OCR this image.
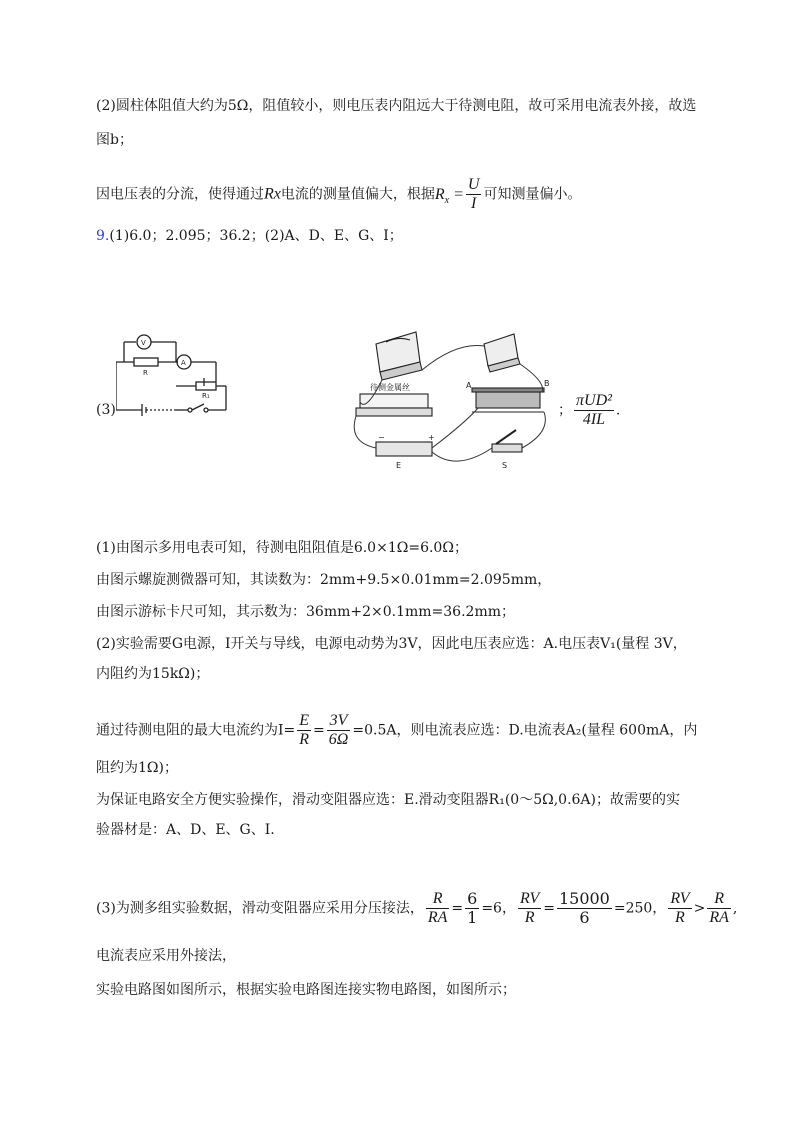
(2)圆柱体阻值大约为5Ω，阻值较小，则电压表内阻远大于待测电阻，故可采用电流表外接，故选
图b；
因电压表的分流，使得通过Rx电流的测量值偏大，根据$R_x = \frac{U}{I}$ 可知测量偏小。
9.(1)6.0；2.095；36.2；(2)A、D、E、G、I；
(3)
V
A
R
R₁
待测金属丝	A	B
E	S
−	+
； $\frac{\text{πUD²}}{4IL}$ .
(1)由图示多用电表可知，待测电阻阻值是6.0×1Ω=6.0Ω；
由图示螺旋测微器可知，其读数为：2mm+9.5×0.01mm=2.095mm，
由图示游标卡尺可知，其示数为：36mm+2×0.1mm=36.2mm；
(2)实验需要G电源，I开关与导线，电源电动势为3V，因此电压表应选：A.电压表V₁(量程 3V，
内阻约为15kΩ)；
通过待测电阻的最大电流约为$I= \frac{E}{R} = \frac{3V}{6\Omega} =0.5A$，则电流表应选：D.电流表A₂(量程 600mA，内
阻约为1Ω)；
为保证电路安全方便实验操作，滑动变阻器应选：E.滑动变阻器R₁(0～5Ω,0.6A)；故需要的实
验器材是：A、D、E、G、I.
(3)为测多组实验数据，滑动变阻器应采用分压接法， $\frac{R}{RA} = \frac{6}{1} =6$， $\frac{RV}{R} = \frac{15000}{6} =250$， $\frac{RV}{R} > \frac{R}{RA}$ ,
电流表应采用外接法，
实验电路图如图所示，根据实验电路图连接实物电路图，如图所示；
